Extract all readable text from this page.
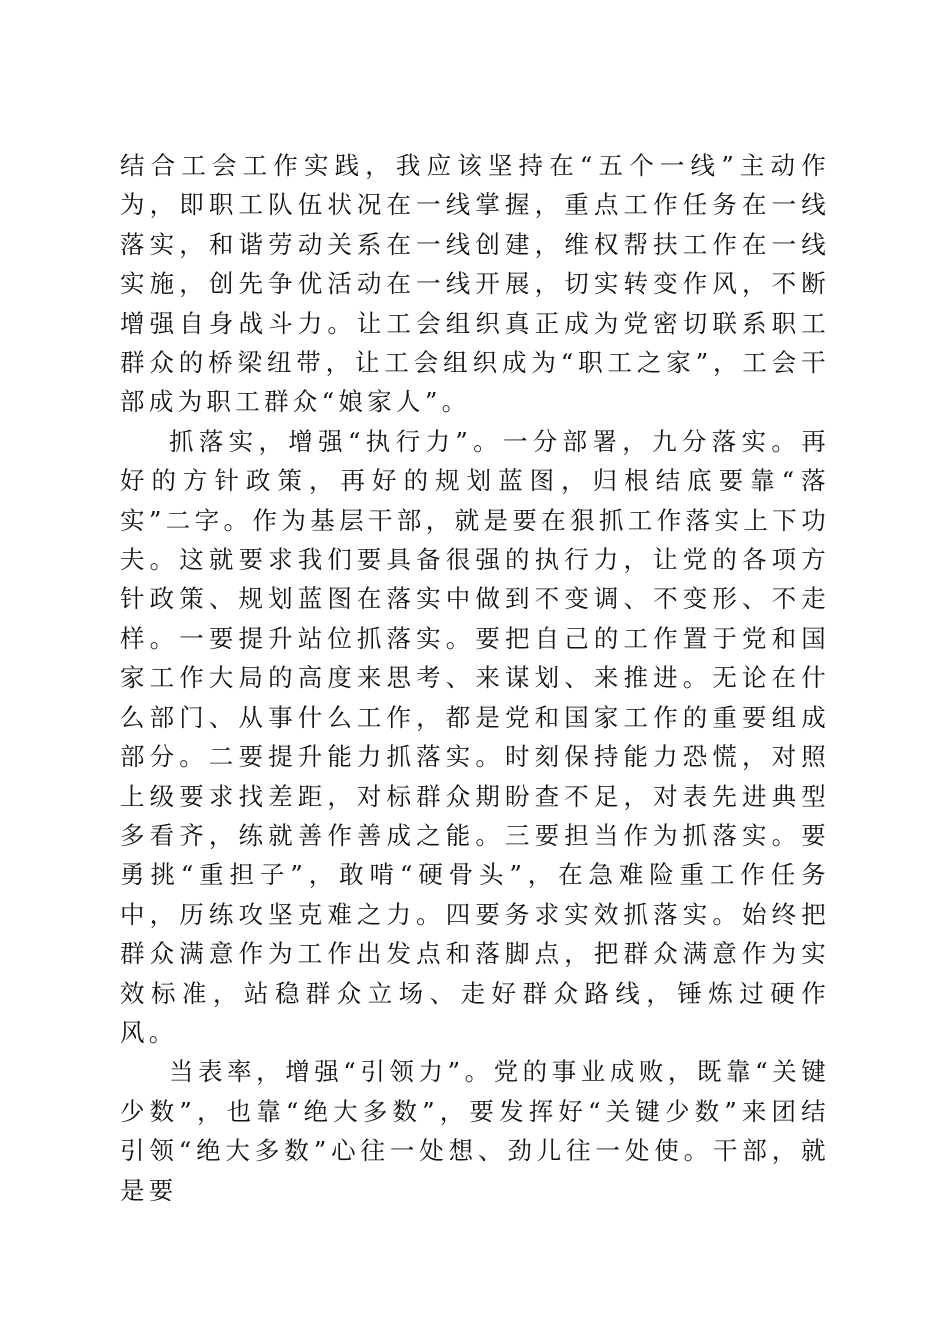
结合工会工作实践，我应该坚持在“五个一线”主动作为，即职工队伍状况在一线掌握，重点工作任务在一线落实，和谐劳动关系在一线创建，维权帮扶工作在一线实施，创先争优活动在一线开展，切实转变作风，不断增强自身战斗力。让工会组织真正成为党密切联系职工群众的桥梁纽带，让工会组织成为“职工之家”，工会干部成为职工群众“娘家人”。

抓落实，增强“执行力”。一分部署，九分落实。再好的方针政策，再好的规划蓝图，归根结底要靠“落实”二字。作为基层干部，就是要在狠抓工作落实上下功夫。这就要求我们要具备很强的执行力，让党的各项方针政策、规划蓝图在落实中做到不变调、不变形、不走样。一要提升站位抓落实。要把自己的工作置于党和国家工作大局的高度来思考、来谋划、来推进。无论在什么部门、从事什么工作，都是党和国家工作的重要组成部分。二要提升能力抓落实。时刻保持能力恐慌，对照上级要求找差距，对标群众期盼查不足，对表先进典型多看齐，练就善作善成之能。三要担当作为抓落实。要勇挑“重担子”，敢啃“硬骨头”，在急难险重工作任务中，历练攻坚克难之力。四要务求实效抓落实。始终把群众满意作为工作出发点和落脚点，把群众满意作为实效标准，站稳群众立场、走好群众路线，锤炼过硬作风。

当表率，增强“引领力”。党的事业成败，既靠“关键少数”，也靠“绝大多数”，要发挥好“关键少数”来团结引领“绝大多数”心往一处想、劲儿往一处使。干部，就是要
